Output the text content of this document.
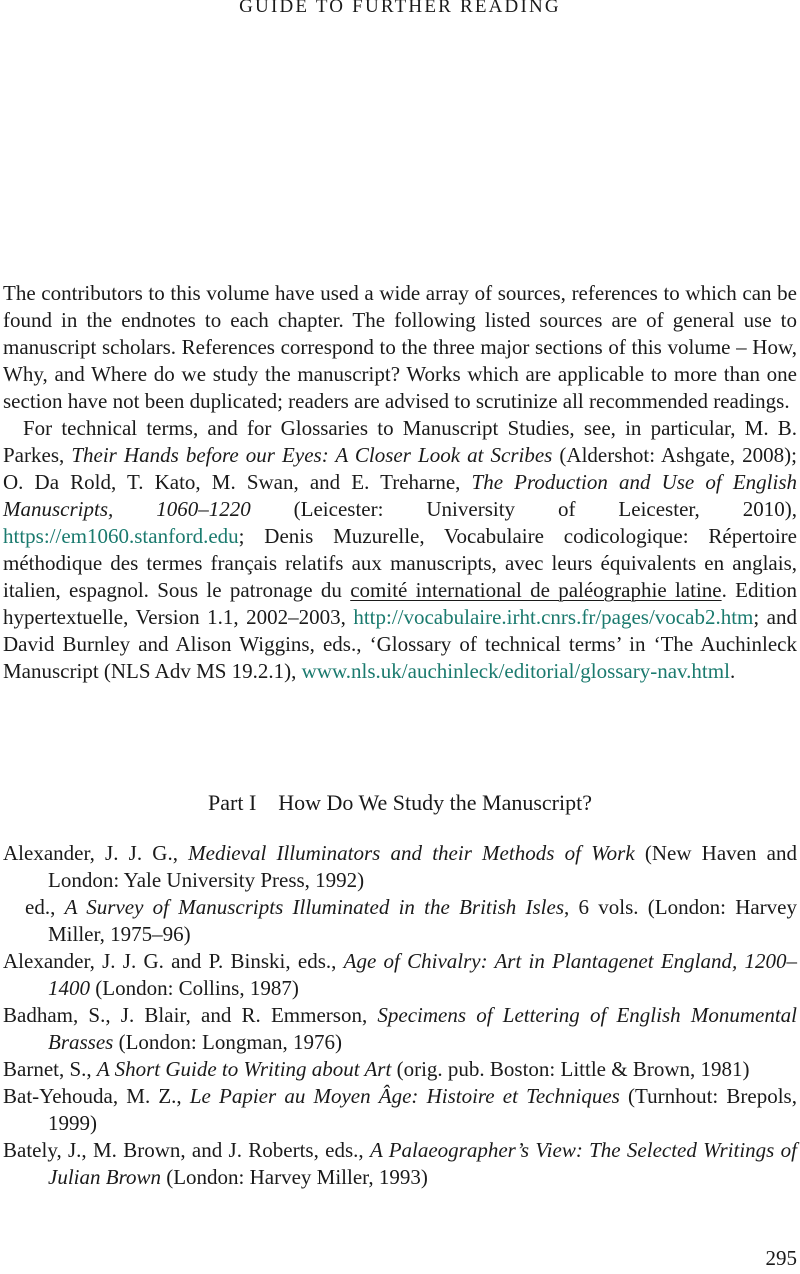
GUIDE TO FURTHER READING

The contributors to this volume have used a wide array of sources, references to which can be found in the endnotes to each chapter. The following listed sources are of general use to manuscript scholars. References correspond to the three major sections of this volume – How, Why, and Where do we study the manuscript? Works which are applicable to more than one section have not been duplicated; readers are advised to scrutinize all recommended readings.

For technical terms, and for Glossaries to Manuscript Studies, see, in particular, M. B. Parkes, Their Hands before our Eyes: A Closer Look at Scribes (Aldershot: Ashgate, 2008); O. Da Rold, T. Kato, M. Swan, and E. Treharne, The Production and Use of English Manuscripts, 1060–1220 (Leicester: University of Leicester, 2010), https://em1060.stanford.edu; Denis Muzurelle, Vocabulaire codicologique: Répertoire méthodique des termes français relatifs aux manuscripts, avec leurs équivalents en anglais, italien, espagnol. Sous le patronage du comité international de paléographie latine. Edition hypertextuelle, Version 1.1, 2002–2003, http://vocabulaire.irht.cnrs.fr/pages/vocab2.htm; and David Burnley and Alison Wiggins, eds., ‘Glossary of technical terms’ in ‘The Auchinleck Manuscript (NLS Adv MS 19.2.1), www.nls.uk/auchinleck/editorial/glossary-nav.html.

Part I    How Do We Study the Manuscript?

Alexander, J. J. G., Medieval Illuminators and their Methods of Work (New Haven and London: Yale University Press, 1992)

ed., A Survey of Manuscripts Illuminated in the British Isles, 6 vols. (London: Harvey Miller, 1975–96)

Alexander, J. J. G. and P. Binski, eds., Age of Chivalry: Art in Plantagenet England, 1200–1400 (London: Collins, 1987)

Badham, S., J. Blair, and R. Emmerson, Specimens of Lettering of English Monumental Brasses (London: Longman, 1976)

Barnet, S., A Short Guide to Writing about Art (orig. pub. Boston: Little & Brown, 1981)

Bat-Yehouda, M. Z., Le Papier au Moyen Âge: Histoire et Techniques (Turnhout: Brepols, 1999)

Bately, J., M. Brown, and J. Roberts, eds., A Palaeographer’s View: The Selected Writings of Julian Brown (London: Harvey Miller, 1993)

295
